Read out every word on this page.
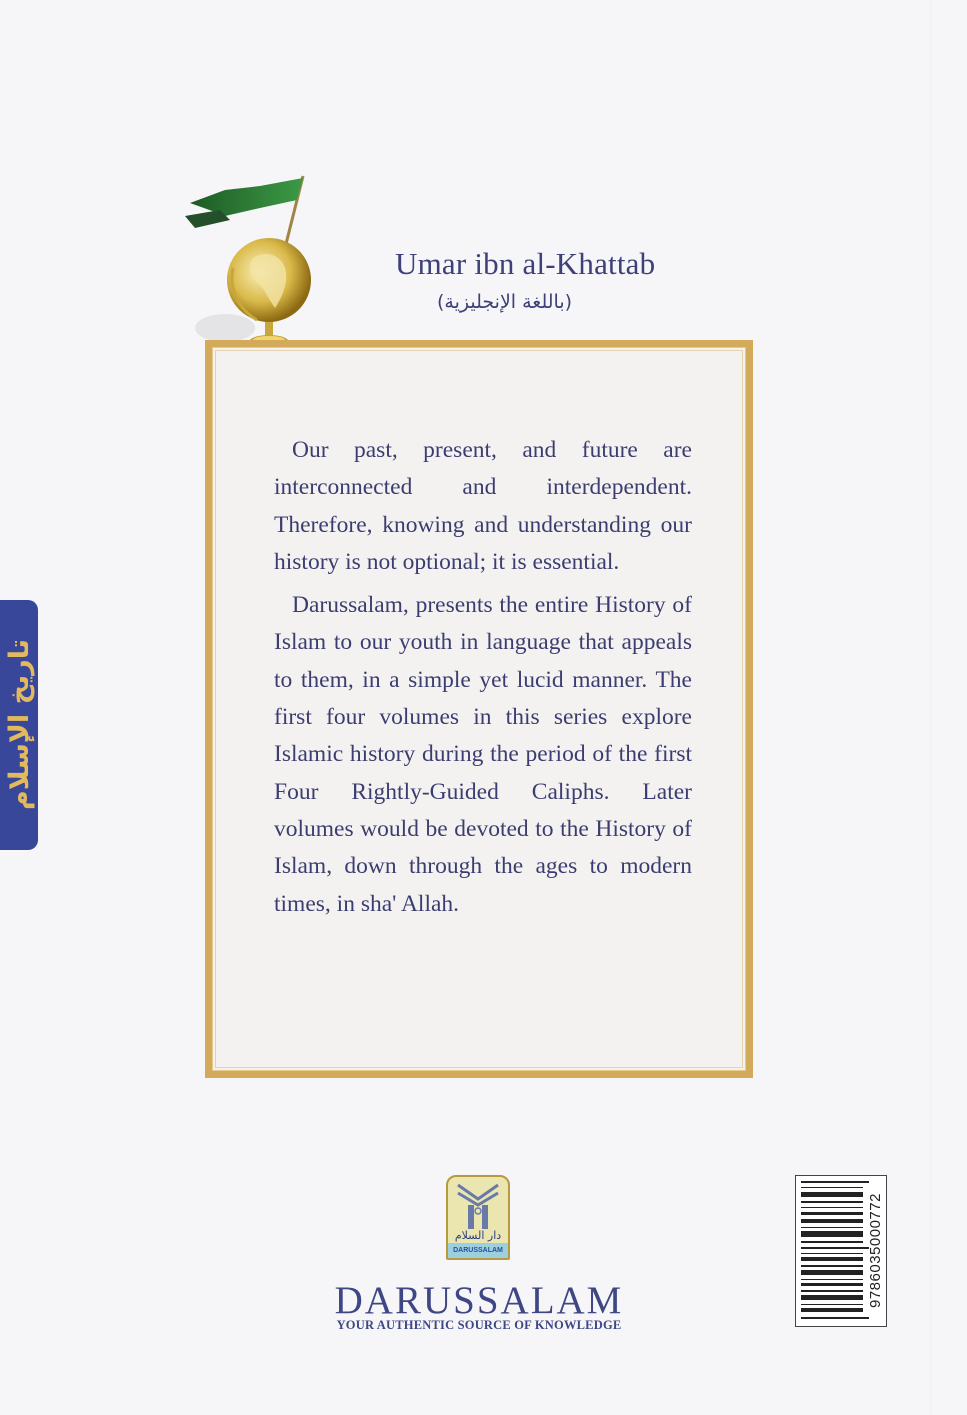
Umar ibn al-Khattab
(باللغة الإنجليزية)
تاريخ الإسلام

Our past, present, and future are interconnected and interdependent. Therefore, knowing and understanding our history is not optional; it is essential.

Darussalam, presents the entire History of Islam to our youth in language that appeals to them, in a simple yet lucid manner. The first four volumes in this series explore Islamic history during the period of the first Four Rightly-Guided Caliphs. Later volumes would be devoted to the History of Islam, down through the ages to modern times, in sha' Allah.

دار السلام
DARUSSALAM
DARUSSALAM
YOUR AUTHENTIC SOURCE OF KNOWLEDGE
9786035000772
